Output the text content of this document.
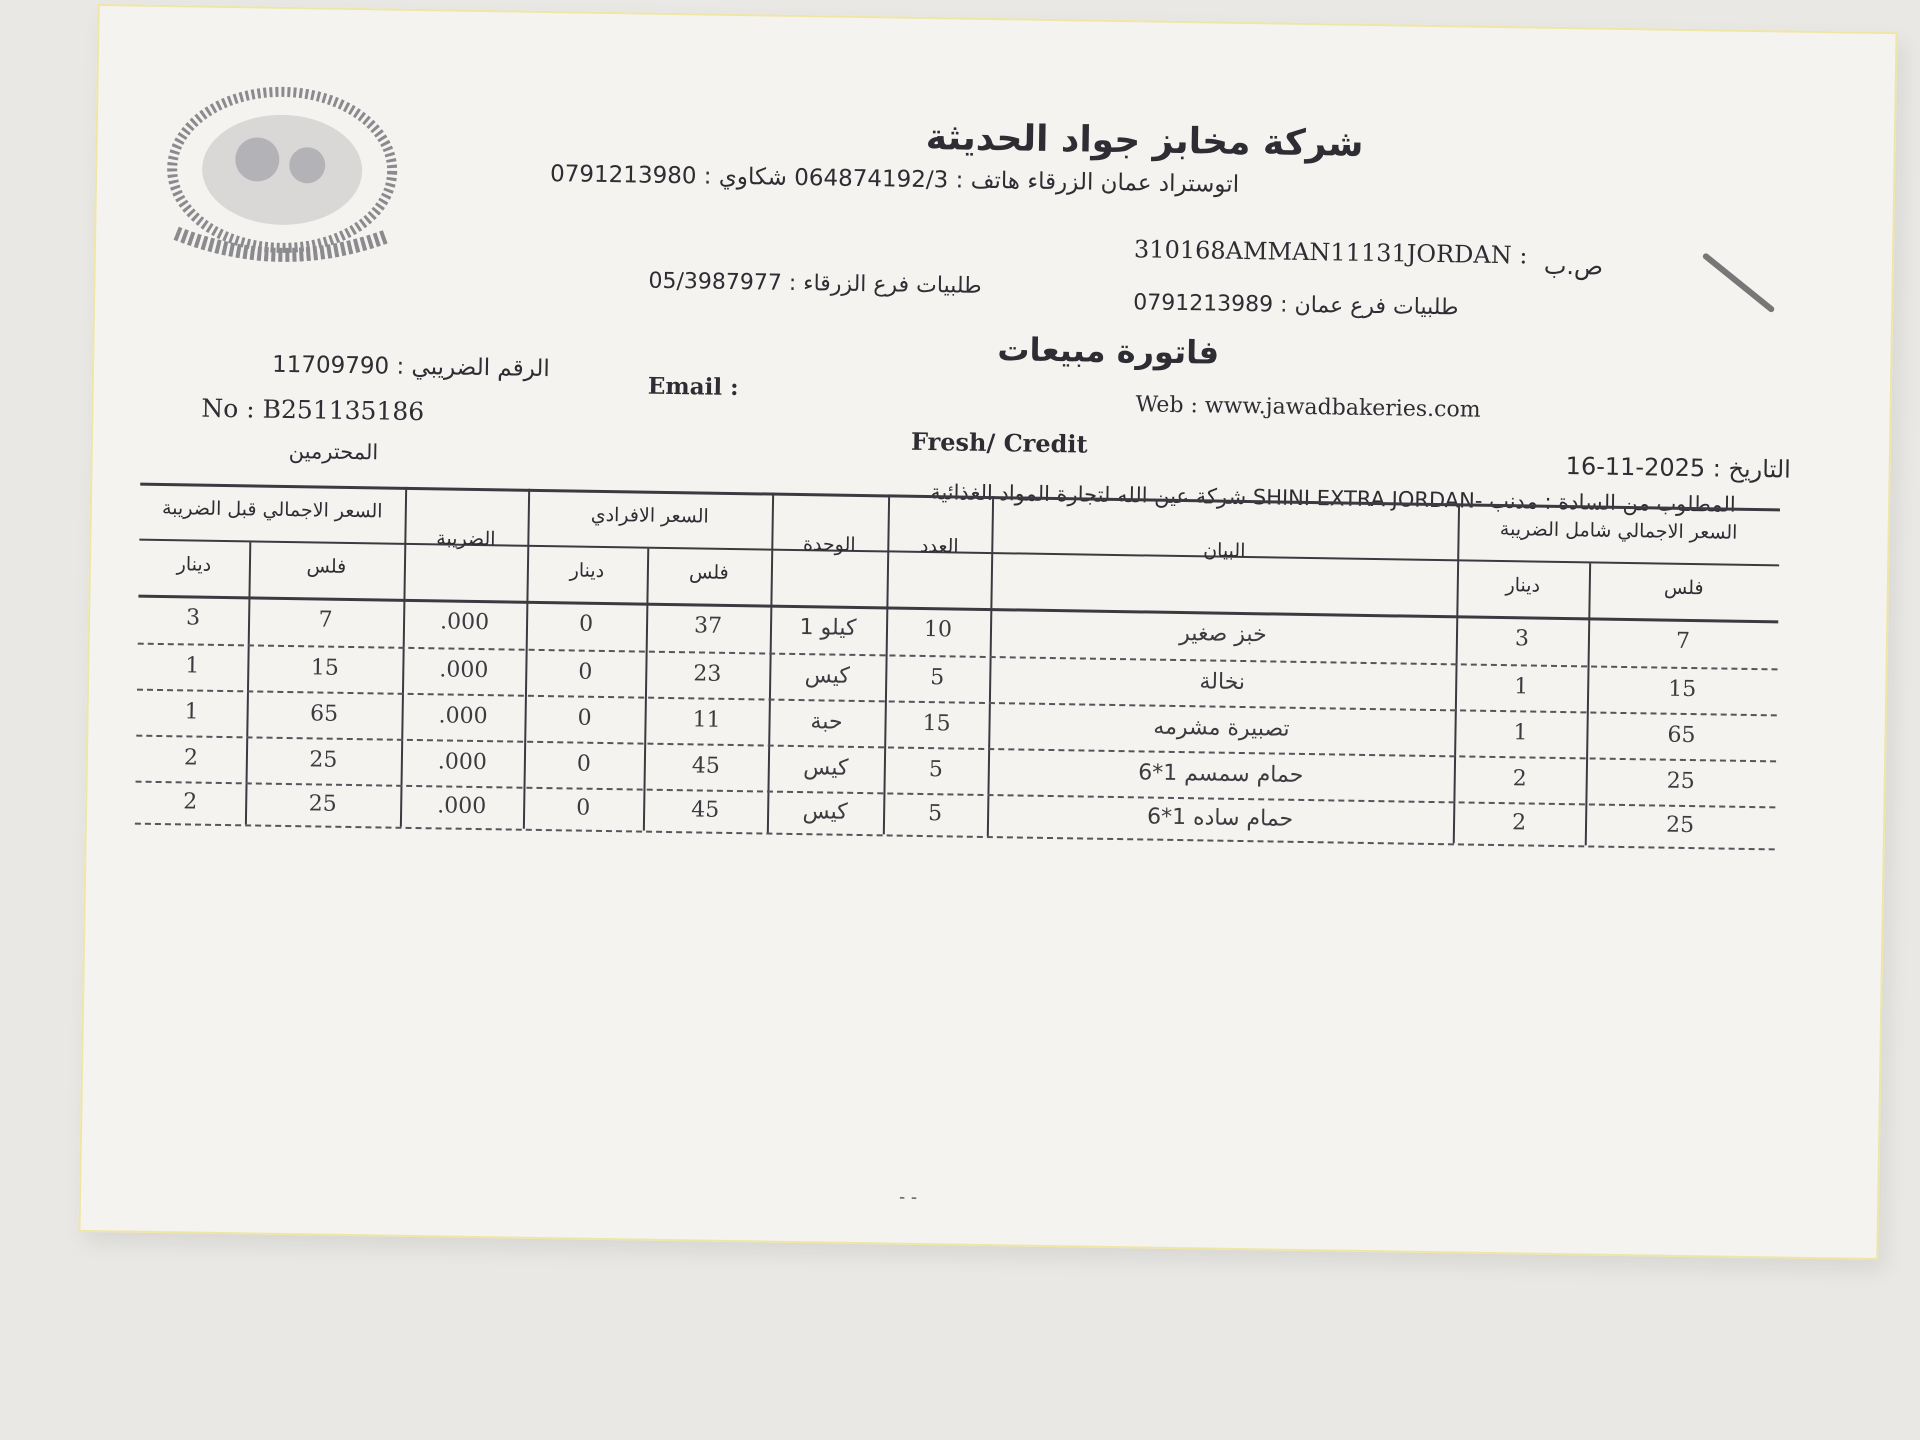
شركة مخابز جواد الحديثة
اتوستراد عمان الزرقاء هاتف : 064874192/3 شكاوي : 0791213980
310168AMMAN11131JORDAN : ص.ب
طلبيات فرع الزرقاء : 05/3987977
طلبيات فرع عمان : 0791213989
فاتورة مبيعات
الرقم الضريبي : 11709790
Email :
Web : www.jawadbakeries.com
No : B251135186
Fresh/ Credit
التاريخ : 2025-11-16
المطلوب من السادة : مدنب -SHINI EXTRA JORDAN شركة عين الله لتجارة المواد الغذائية
المحترمين
السعر الاجمالي قبل الضريبة
دينار	فلس
الضريبة
السعر الافرادي
دينار	فلس
الوحدة	العدد	البيان
السعر الاجمالي شامل الضريبة
دينار	فلس
3	7	.000	0	37	كيلو 1	10	خبز صغير	3	7
1	15	.000	0	23	كيس	5	نخالة	1	15
1	65	.000	0	11	حبة	15	تصبيرة مشرمه	1	65
2	25	.000	0	45	كيس	5	حمام سمسم 1*6	2	25
2	25	.000	0	45	كيس	5	حمام ساده 1*6	2	25
- -
